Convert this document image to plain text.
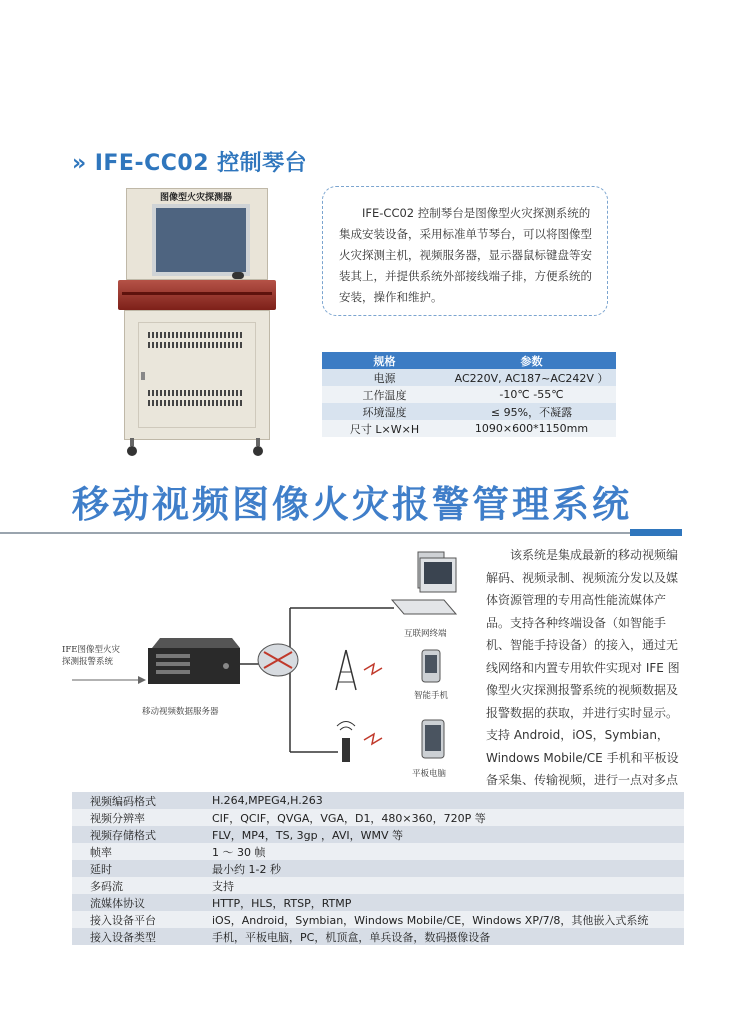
» IFE-CC02 控制琴台
图像型火灾探测器
IFE-CC02 控制琴台是图像型火灾探测系统的集成安装设备，采用标准单节琴台，可以将图像型火灾探测主机，视频服务器，显示器鼠标键盘等安装其上，并提供系统外部接线端子排，方便系统的安装，操作和维护。
规格	参数
电源	AC220V, AC187~AC242V ）
工作温度	-10℃ -55℃
环境湿度	≤ 95%，不凝露
尺寸 L×W×H	1090×600*1150mm
移动视频图像火灾报警管理系统
IFE图像型火灾
探测报警系统
移动视频数据服务器
互联网终端
智能手机
平板电脑
该系统是集成最新的移动视频编解码、视频录制、视频流分发以及媒体资源管理的专用高性能流媒体产品。支持各种终端设备（如智能手机、智能手持设备）的接入，通过无线网络和内置专用软件实现对 IFE 图像型火灾探测报警系统的视频数据及报警数据的获取，并进行实时显示。支持 Android，iOS，Symbian，Windows Mobile/CE 手机和平板设备采集、传输视频，进行一点对多点
视频编码格式	H.264,MPEG4,H.263
视频分辨率	CIF，QCIF，QVGA，VGA，D1，480×360，720P 等
视频存储格式	FLV，MP4，TS, 3gp ，AVI，WMV 等
帧率	1 ～ 30 帧
延时	最小约 1-2 秒
多码流	支持
流媒体协议	HTTP，HLS，RTSP，RTMP
接入设备平台	iOS，Android，Symbian，Windows Mobile/CE，Windows XP/7/8，其他嵌入式系统
接入设备类型	手机，平板电脑，PC，机顶盒，单兵设备，数码摄像设备
